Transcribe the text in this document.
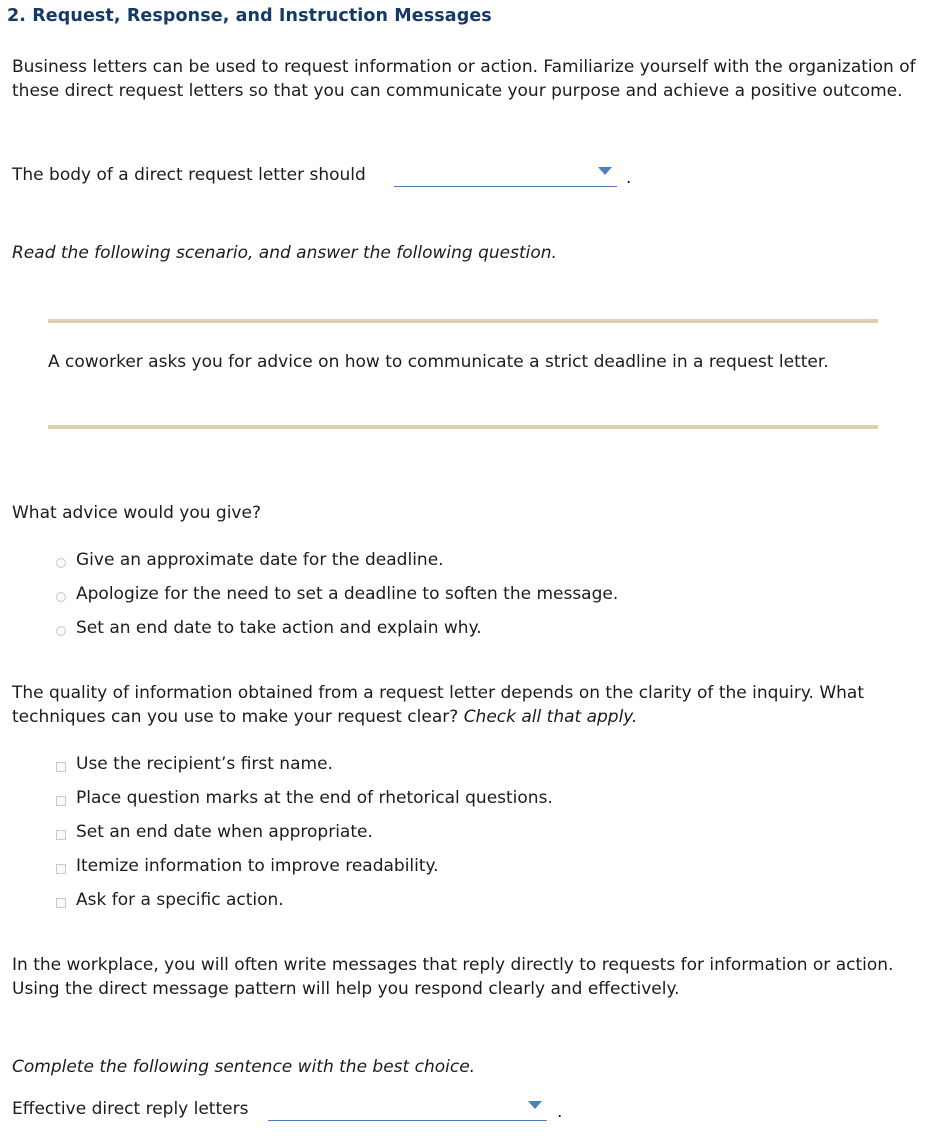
2. Request, Response, and Instruction Messages

Business letters can be used to request information or action. Familiarize yourself with the organization of these direct request letters so that you can communicate your purpose and achieve a positive outcome.

The body of a direct request letter should	.

Read the following scenario, and answer the following question.

A coworker asks you for advice on how to communicate a strict deadline in a request letter.

What advice would you give?

Give an approximate date for the deadline.
Apologize for the need to set a deadline to soften the message.
Set an end date to take action and explain why.

The quality of information obtained from a request letter depends on the clarity of the inquiry. What techniques can you use to make your request clear? Check all that apply.

Use the recipient’s first name.
Place question marks at the end of rhetorical questions.
Set an end date when appropriate.
Itemize information to improve readability.
Ask for a specific action.

In the workplace, you will often write messages that reply directly to requests for information or action. Using the direct message pattern will help you respond clearly and effectively.

Complete the following sentence with the best choice.

Effective direct reply letters	.
